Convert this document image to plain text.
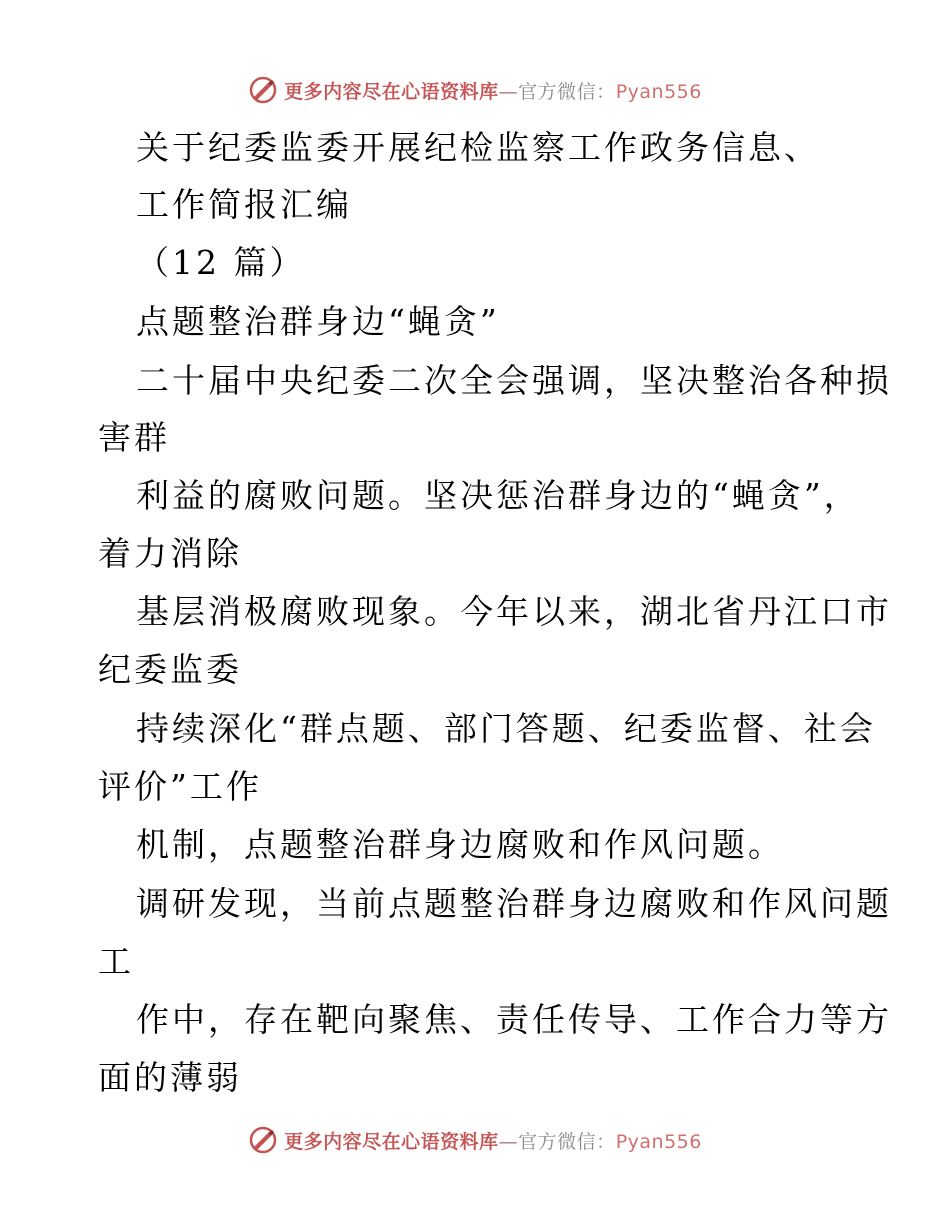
更多内容尽在心语资料库—官方微信：Pyan556
关于纪委监委开展纪检监察工作政务信息、
工作简报汇编
（12 篇）
点题整治群身边“蝇贪”
二十届中央纪委二次全会强调，坚决整治各种损
害群
利益的腐败问题。坚决惩治群身边的“蝇贪”，
着力消除
基层消极腐败现象。今年以来，湖北省丹江口市
纪委监委
持续深化“群点题、部门答题、纪委监督、社会
评价”工作
机制，点题整治群身边腐败和作风问题。
调研发现，当前点题整治群身边腐败和作风问题
工
作中，存在靶向聚焦、责任传导、工作合力等方
面的薄弱
更多内容尽在心语资料库—官方微信：Pyan556
